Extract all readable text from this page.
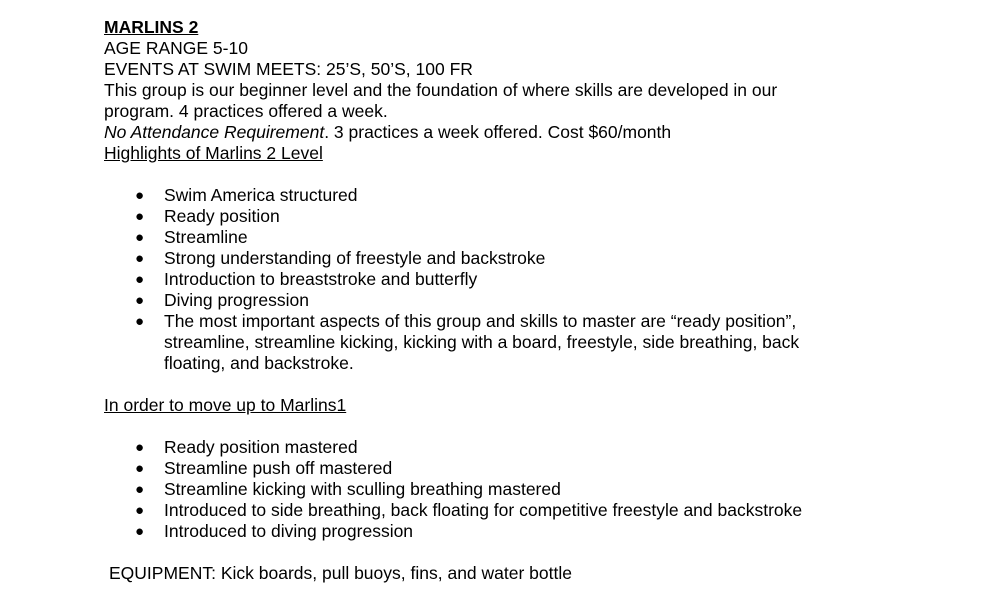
MARLINS 2
AGE RANGE 5-10
EVENTS AT SWIM MEETS: 25’S, 50’S, 100 FR
This group is our beginner level and the foundation of where skills are developed in our program. 4 practices offered a week.
No Attendance Requirement. 3 practices a week offered. Cost $60/month
Highlights of Marlins 2 Level
● Swim America structured
● Ready position
● Streamline
● Strong understanding of freestyle and backstroke
● Introduction to breaststroke and butterfly
● Diving progression
● The most important aspects of this group and skills to master are “ready position”, streamline, streamline kicking, kicking with a board, freestyle, side breathing, back floating, and backstroke.
In order to move up to Marlins1
● Ready position mastered
● Streamline push off mastered
● Streamline kicking with sculling breathing mastered
● Introduced to side breathing, back floating for competitive freestyle and backstroke
● Introduced to diving progression
EQUIPMENT: Kick boards, pull buoys, fins, and water bottle
